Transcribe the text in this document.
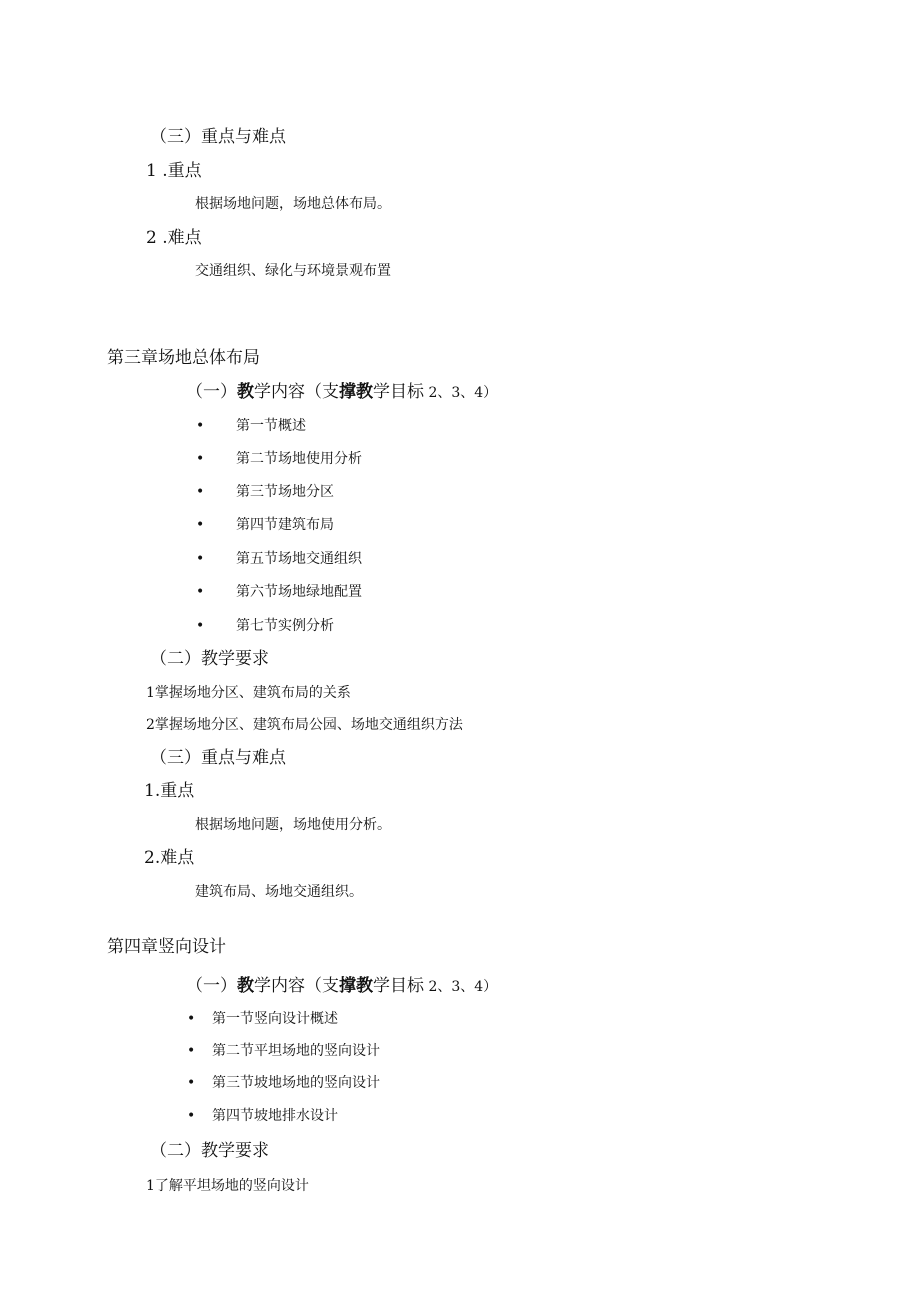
（三）重点与难点
1 .重点
根据场地问题，场地总体布局。
2 .难点
交通组织、绿化与环境景观布置
第三章场地总体布局
（一）教学内容（支撑教学目标 2、3、4）
• 第一节概述
• 第二节场地使用分析
• 第三节场地分区
• 第四节建筑布局
• 第五节场地交通组织
• 第六节场地绿地配置
• 第七节实例分析
（二）教学要求
1掌握场地分区、建筑布局的关系
2掌握场地分区、建筑布局公园、场地交通组织方法
（三）重点与难点
1.重点
根据场地问题，场地使用分析。
2.难点
建筑布局、场地交通组织。
第四章竖向设计
（一）教学内容（支撑教学目标 2、3、4）
• 第一节竖向设计概述
• 第二节平坦场地的竖向设计
• 第三节坡地场地的竖向设计
• 第四节坡地排水设计
（二）教学要求
1了解平坦场地的竖向设计
